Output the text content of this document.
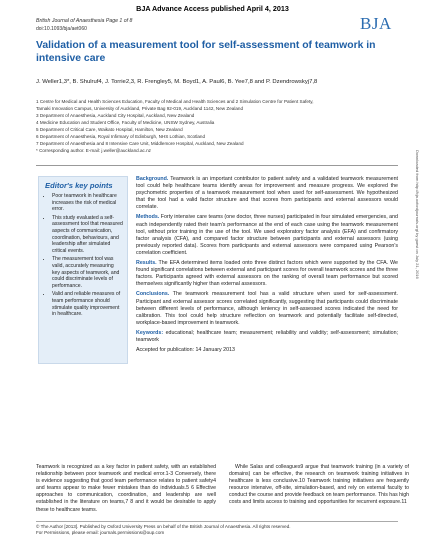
BJA Advance Access published April 4, 2013
British Journal of Anaesthesia Page 1 of 8
doi:10.1093/bja/aet060	BJA
Validation of a measurement tool for self-assessment of teamwork in intensive care
J. Weller1,3*, B. Shulruf4, J. Torrie2,3, R. Frengley5, M. Boyd1, A. Paul6, B. Yee7,8 and P. Dzendrowskyj7,8
1 Centre for Medical and Health Sciences Education, Faculty of Medical and Health Sciences and 2 Simulation Centre for Patient Safety,
Tamaki Innovation Campus, University of Auckland, Private Bag 92-019, Auckland 1142, New Zealand
3 Department of Anaesthesia, Auckland City Hospital, Auckland, New Zealand
4 Medicine Education and Student Office, Faculty of Medicine, UNSW Sydney, Australia
5 Department of Critical Care, Waikato Hospital, Hamilton, New Zealand
6 Department of Anaesthesia, Royal Infirmary of Edinburgh, NHS Lothian, Scotland
7 Department of Anaesthesia and 8 Intensive Care Unit, Middlemore Hospital, Auckland, New Zealand
* Corresponding author. E-mail: j.weller@auckland.ac.nz
Editor's key points
• Poor teamwork in healthcare increases the risk of medical error.
• This study evaluated a self-assessment tool that measured aspects of communication, coordination, behaviours, and leadership after simulated critical events.
• The measurement tool was valid, accurately measuring key aspects of teamwork, and could discriminate levels of performance.
• Valid and reliable measures of team performance should stimulate quality improvement in healthcare.

Background. Teamwork is an important contributor to patient safety and a validated teamwork measurement tool could help healthcare teams identify areas for improvement and measure progress. We explored the psychometric properties of a teamwork measurement tool when used for self-assessment. We hypothesized that the tool had a valid factor structure and that scores from participants and external assessors would correlate.

Methods. Forty intensive care teams (one doctor, three nurses) participated in four simulated emergencies, and each independently rated their team's performance at the end of each case using the teamwork measurement tool, without prior training in the use of the tool. We used exploratory factor analysis (EFA) and confirmatory factor analysis (CFA), and compared factor structure between participants and external assessors (using previously reported data). Scores from participants and external assessors were compared using Pearson's correlation coefficient.

Results. The EFA determined items loaded onto three distinct factors which were supported by the CFA. We found significant correlations between external and participant scores for overall teamwork scores and the three factors. Participants agreed with external assessors on the ranking of overall team performance but scored themselves significantly higher than external assessors.

Conclusions. The teamwork measurement tool has a valid structure when used for self-assessment. Participant and external assessor scores correlated significantly, suggesting that participants could discriminate between different levels of performance, although leniency in self-assessed scores indicated the need for calibration. This tool could help structure reflection on teamwork and potentially facilitate self-directed, workplace-based improvement in teamwork.

Keywords: educational; healthcare team; measurement; reliability and validity; self-assessment; simulation; teamwork

Accepted for publication: 14 January 2013

Downloaded from http://bja.oxfordjournals.org/ by guest on July 21, 2016
Teamwork is recognized as a key factor in patient safety, with an established relationship between poor teamwork and medical error.1-3 Conversely, there is evidence suggesting that good team performance relates to patient safety4 and teams appear to make fewer mistakes than do individuals.5 6 Effective approaches to communication, coordination, and leadership are well established in the literature on teams,7 8 and it would be desirable to apply these to healthcare teams.
While Salas and colleagues9 argue that teamwork training (in a variety of domains) can be effective, the research on teamwork training initiatives in healthcare is less conclusive.10 Teamwork training initiatives are frequently resource intensive, off-site, simulation-based, and rely on external faculty to conduct the course and provide feedback on team performance. This has high costs and limits access to training and opportunities for recurrent exposure.11
© The Author [2013]. Published by Oxford University Press on behalf of the British Journal of Anaesthesia. All rights reserved.
For Permissions, please email: journals.permissions@oup.com
